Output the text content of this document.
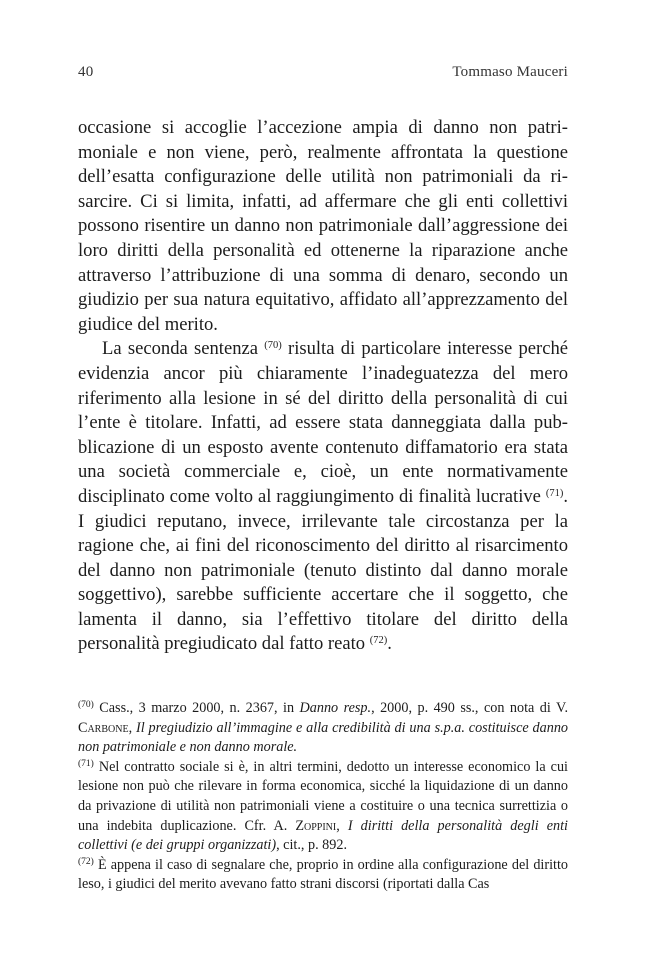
40	Tommaso Mauceri

occasione si accoglie l’accezione ampia di danno non patrimoniale e non viene, però, realmente affrontata la questione dell’esatta configurazione delle utilità non patrimoniali da risarcire. Ci si limita, infatti, ad affermare che gli enti collettivi possono risentire un danno non patrimoniale dall’aggressione dei loro diritti della personalità ed ottenerne la riparazione anche attraverso l’attribuzione di una somma di denaro, secondo un giudizio per sua natura equitativo, affidato all’apprezzamento del giudice del merito.

La seconda sentenza $^{(70)}$ risulta di particolare interesse perché evidenzia ancor più chiaramente l’inadeguatezza del mero riferimento alla lesione in sé del diritto della personalità di cui l’ente è titolare. Infatti, ad essere stata danneggiata dalla pubblicazione di un esposto avente contenuto diffamatorio era stata una società commerciale e, cioè, un ente normativamente disciplinato come volto al raggiungimento di finalità lucrative $^{(71)}$. I giudici reputano, invece, irrilevante tale circostanza per la ragione che, ai fini del riconoscimento del diritto al risarcimento del danno non patrimoniale (tenuto distinto dal danno morale soggettivo), sarebbe sufficiente accertare che il soggetto, che lamenta il danno, sia l’effettivo titolare del diritto della personalità pregiudicato dal fatto reato $^{(72)}$.

$^{(70)}$ Cass., 3 marzo 2000, n. 2367, in Danno resp., 2000, p. 490 ss., con nota di V. Carbone, Il pregiudizio all’immagine e alla credibilità di una s.p.a. costituisce danno non patrimoniale e non danno morale.

$^{(71)}$ Nel contratto sociale si è, in altri termini, dedotto un interesse economico la cui lesione non può che rilevare in forma economica, sicché la liquidazione di un danno da privazione di utilità non patrimoniali viene a costituire o una tecnica surrettizia o una indebita duplicazione. Cfr. A. Zoppini, I diritti della personalità degli enti collettivi (e dei gruppi organizzati), cit., p. 892.

$^{(72)}$ È appena il caso di segnalare che, proprio in ordine alla configurazione del diritto leso, i giudici del merito avevano fatto strani discorsi (riportati dalla Cas
